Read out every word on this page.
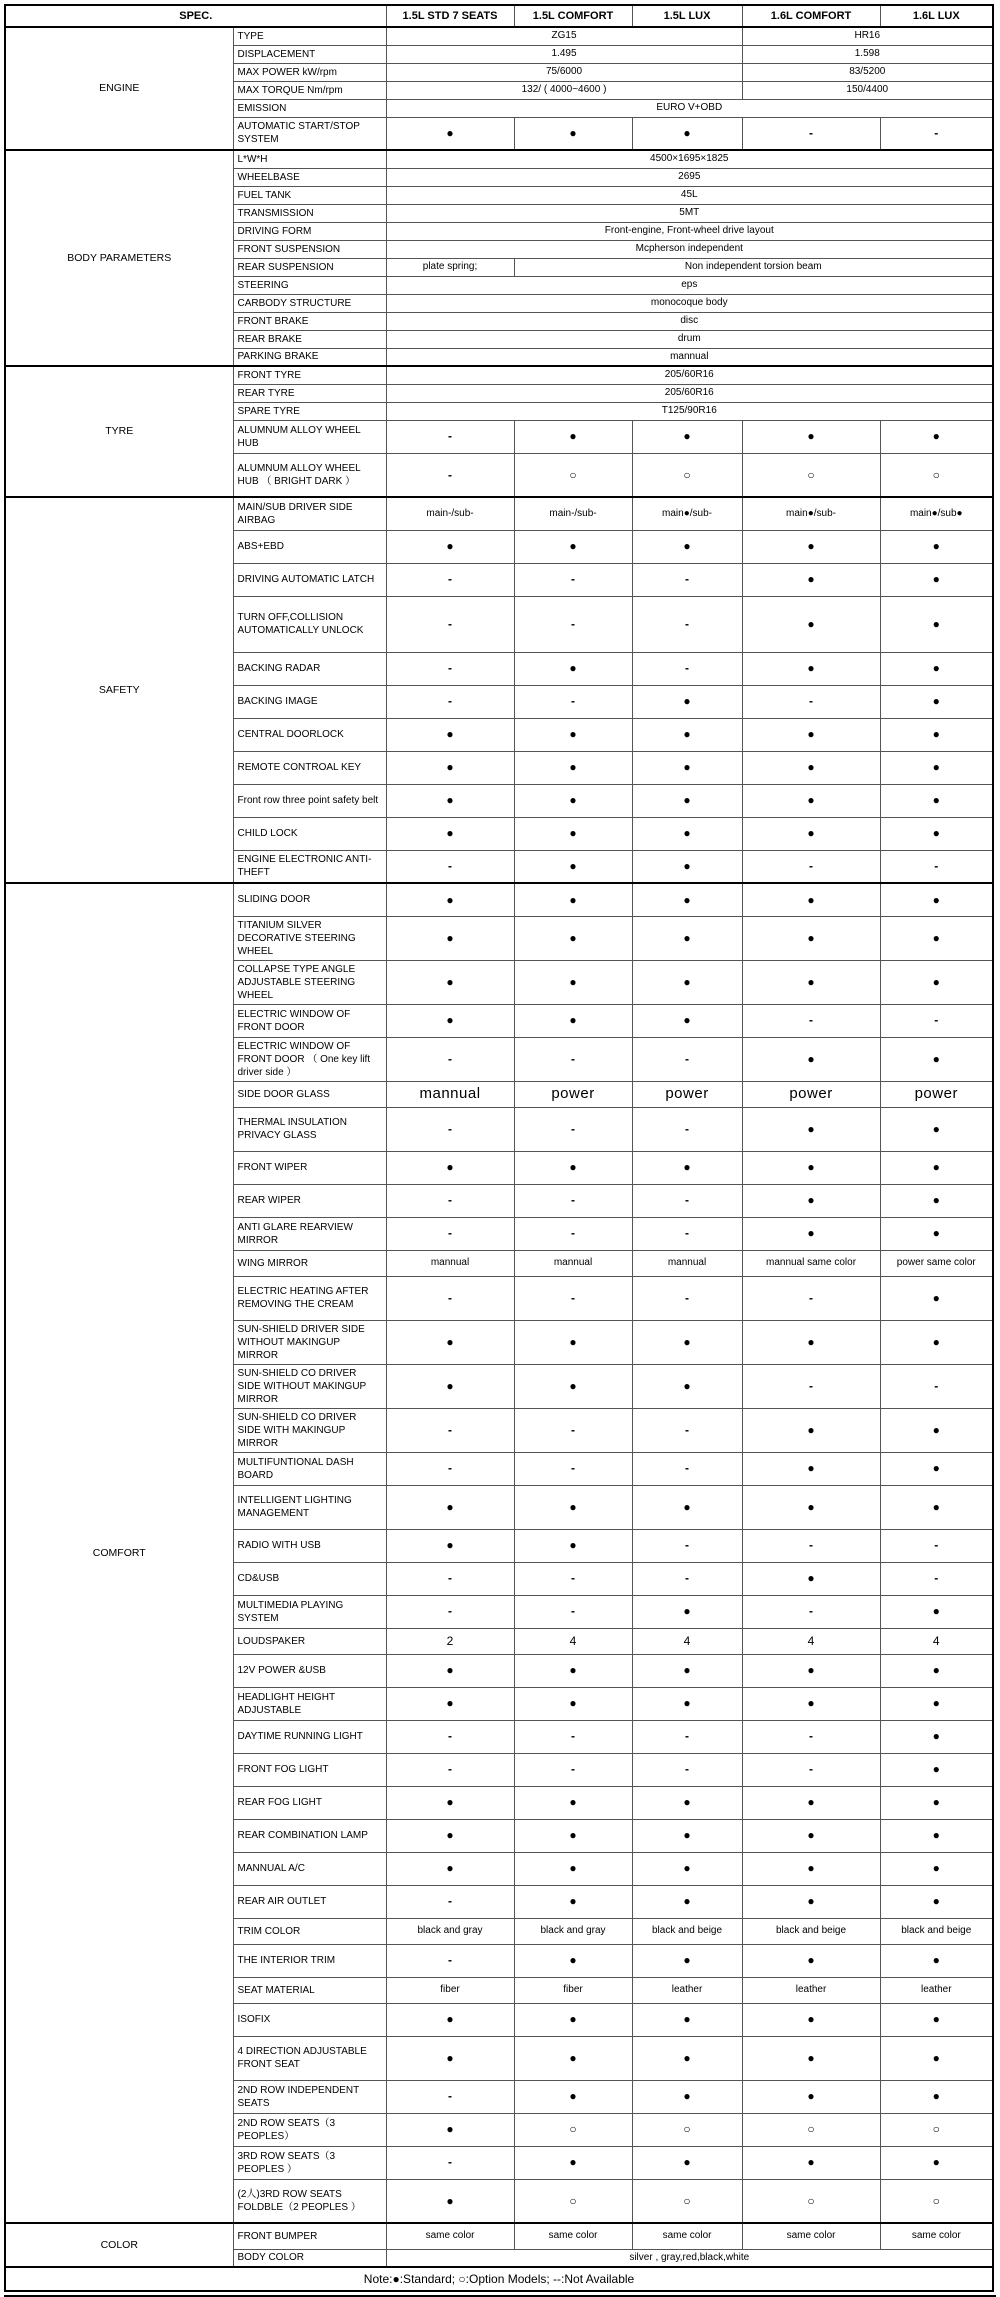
SPEC.		1.5L STD 7 SEATS	1.5L COMFORT	1.5L LUX	1.6L COMFORT	1.6L LUX
ENGINE	TYPE	ZG15			HR16	
	DISPLACEMENT	1.495			1.598	
	MAX POWER kW/rpm	75/6000			83/5200	
	MAX TORQUE Nm/rpm	132/ ( 4000~4600 )			150/4400	
	EMISSION	EURO V+OBD				
	AUTOMATIC START/STOP SYSTEM	●	●	●	-	-
BODY PARAMETERS	L*W*H	4500×1695×1825				
	WHEELBASE	2695				
	FUEL TANK	45L				
	TRANSMISSION	5MT				
	DRIVING FORM	Front-engine, Front-wheel drive layout				
	FRONT SUSPENSION	Mcpherson independent				
	REAR SUSPENSION	plate spring;	Non independent torsion beam			
	STEERING	eps				
	CARBODY STRUCTURE	monocoque body				
	FRONT BRAKE	disc				
	REAR BRAKE	drum				
	PARKING BRAKE	mannual				
TYRE	FRONT TYRE	205/60R16				
	REAR TYRE	205/60R16				
	SPARE TYRE	T125/90R16				
	ALUMNUM ALLOY WHEEL HUB	-	●	●	●	●
	ALUMNUM ALLOY WHEEL HUB （ BRIGHT DARK ）	-	○	○	○	○
SAFETY	MAIN/SUB DRIVER SIDE AIRBAG	main-/sub-	main-/sub-	main●/sub-	main●/sub-	main●/sub●
	ABS+EBD	●	●	●	●	●
	DRIVING AUTOMATIC LATCH	-	-	-	●	●
	TURN OFF,COLLISION AUTOMATICALLY UNLOCK	-	-	-	●	●
	BACKING RADAR	-	●	-	●	●
	BACKING IMAGE	-	-	●	-	●
	CENTRAL DOORLOCK	●	●	●	●	●
	REMOTE CONTROAL KEY	●	●	●	●	●
	Front row three point safety belt	●	●	●	●	●
	CHILD LOCK	●	●	●	●	●
	ENGINE ELECTRONIC ANTI-THEFT	-	●	●	-	-
COMFORT	SLIDING DOOR	●	●	●	●	●
	TITANIUM SILVER DECORATIVE STEERING WHEEL	●	●	●	●	●
	COLLAPSE TYPE ANGLE ADJUSTABLE STEERING WHEEL	●	●	●	●	●
	ELECTRIC WINDOW OF FRONT DOOR	●	●	●	-	-
	ELECTRIC WINDOW OF FRONT DOOR （ One key lift driver side ）	-	-	-	●	●
	SIDE DOOR GLASS	mannual	power	power	power	power
	THERMAL INSULATION PRIVACY GLASS	-	-	-	●	●
	FRONT WIPER	●	●	●	●	●
	REAR WIPER	-	-	-	●	●
	ANTI GLARE REARVIEW MIRROR	-	-	-	●	●
	WING MIRROR	mannual	mannual	mannual	mannual same color	power same color
	ELECTRIC HEATING AFTER REMOVING THE CREAM	-	-	-	-	●
	SUN-SHIELD DRIVER SIDE WITHOUT MAKINGUP MIRROR	●	●	●	●	●
	SUN-SHIELD CO DRIVER SIDE WITHOUT MAKINGUP MIRROR	●	●	●	-	-
	SUN-SHIELD CO DRIVER SIDE WITH MAKINGUP MIRROR	-	-	-	●	●
	MULTIFUNTIONAL DASH BOARD	-	-	-	●	●
	INTELLIGENT LIGHTING MANAGEMENT	●	●	●	●	●
	RADIO WITH USB	●	●	-	-	-
	CD&USB	-	-	-	●	-
	MULTIMEDIA PLAYING SYSTEM	-	-	●	-	●
	LOUDSPAKER	2	4	4	4	4
	12V POWER &USB	●	●	●	●	●
	HEADLIGHT HEIGHT ADJUSTABLE	●	●	●	●	●
	DAYTIME RUNNING LIGHT	-	-	-	-	●
	FRONT FOG LIGHT	-	-	-	-	●
	REAR FOG LIGHT	●	●	●	●	●
	REAR COMBINATION LAMP	●	●	●	●	●
	MANNUAL A/C	●	●	●	●	●
	REAR AIR OUTLET	-	●	●	●	●
	TRIM COLOR	black and gray	black and gray	black and beige	black and beige	black and beige
	THE INTERIOR TRIM	-	●	●	●	●
	SEAT MATERIAL	fiber	fiber	leather	leather	leather
	ISOFIX	●	●	●	●	●
	4 DIRECTION ADJUSTABLE FRONT SEAT	●	●	●	●	●
	2ND ROW INDEPENDENT SEATS	-	●	●	●	●
	2ND ROW SEATS（3 PEOPLES）	●	○	○	○	○
	3RD ROW SEATS（3 PEOPLES ）	-	●	●	●	●
	(2人)3RD ROW SEATS FOLDBLE（2 PEOPLES ）	●	○	○	○	○
COLOR	FRONT BUMPER	same color	same color	same color	same color	same color
	BODY COLOR	silver , gray,red,black,white				
Note:●:Standard; ○:Option Models; --:Not Available						
